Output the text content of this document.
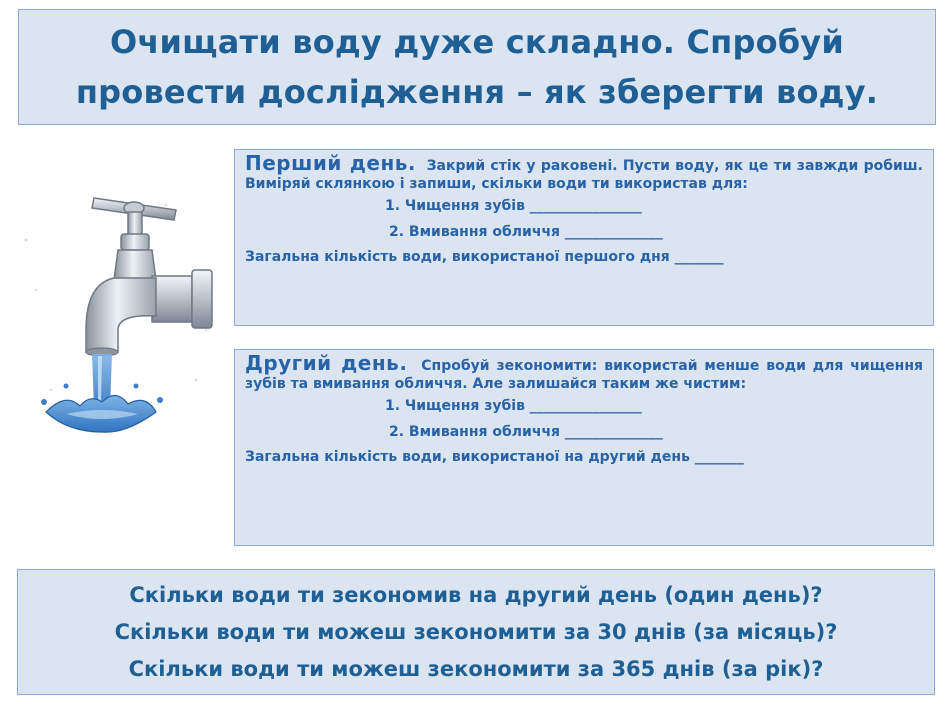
Очищати воду дуже складно. Спробуй
провести дослідження – як зберегти воду.

Перший день. Закрий стік у раковені. Пусти воду, як це ти завжди робиш. Виміряй склянкою і запиши, скільки води ти використав для:

1. Чищення зубів ________________
2. Вмивання обличчя ______________
Загальна кількість води, використаної першого дня _______

Другий день. Спробуй зекономити: використай менше води для чищення зубів та вмивання обличчя. Але залишайся таким же чистим:

1. Чищення зубів ________________
2. Вмивання обличчя ______________
Загальна кількість води, використаної на другий день _______
Скільки води ти зекономив на другий день (один день)?
Скільки води ти можеш зекономити за 30 днів (за місяць)?
Скільки води ти можеш зекономити за 365 днів (за рік)?
